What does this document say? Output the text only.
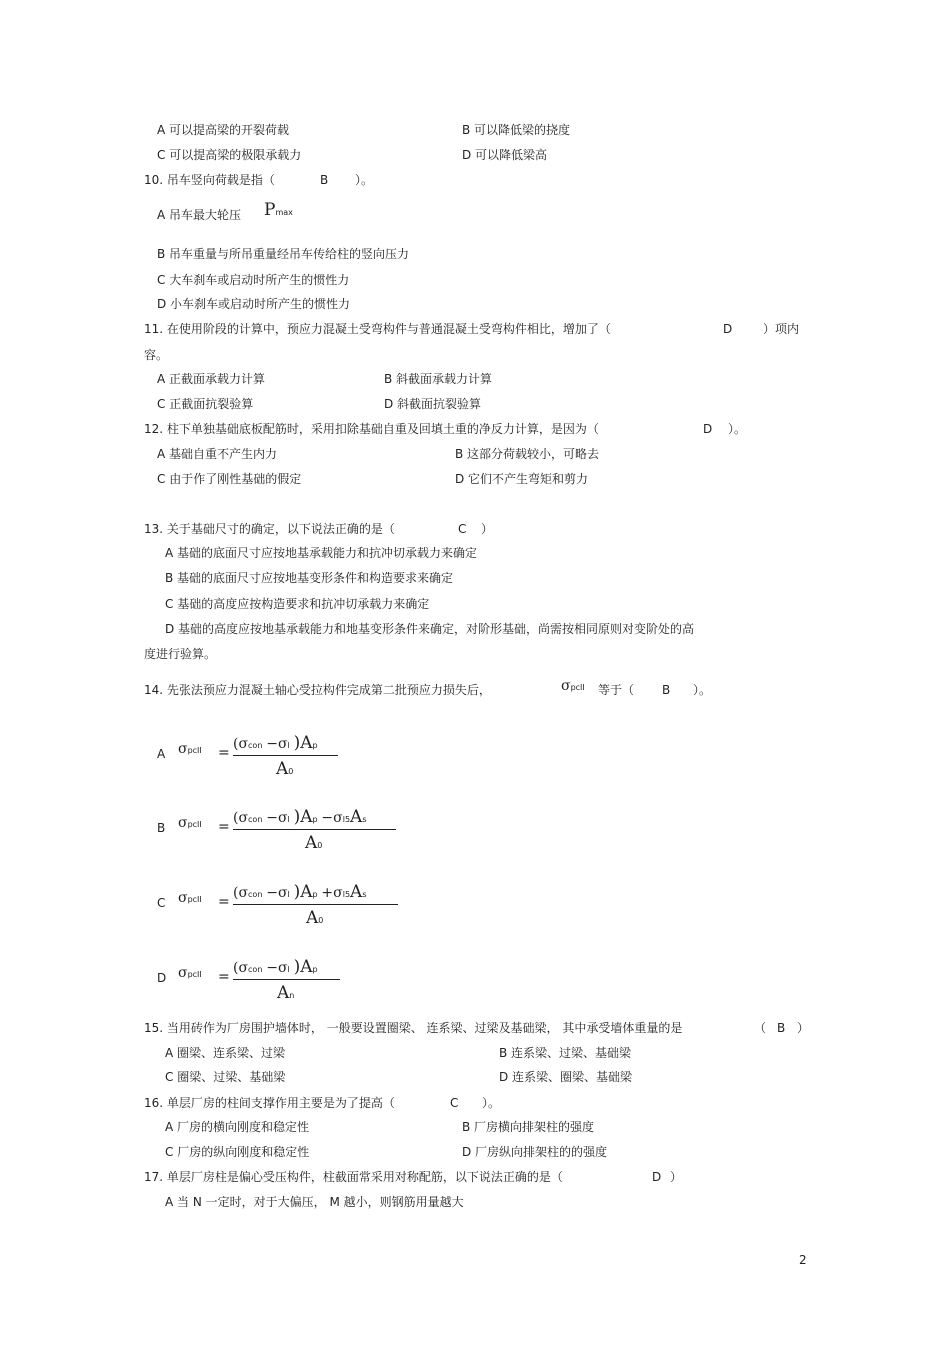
A 可以提高梁的开裂荷载	B 可以降低梁的挠度
C 可以提高梁的极限承载力	D 可以降低梁高
10. 吊车竖向荷载是指（	B ）。
A 吊车最大轮压 Pmax
B 吊车重量与所吊重量经吊车传给柱的竖向压力
C 大车刹车或启动时所产生的惯性力
D 小车刹车或启动时所产生的惯性力
11. 在使用阶段的计算中，预应力混凝土受弯构件与普通混凝土受弯构件相比，增加了（	D	）项内
容。
A 正截面承载力计算	B 斜截面承载力计算
C 正截面抗裂验算	D 斜截面抗裂验算
12. 柱下单独基础底板配筋时，采用扣除基础自重及回填土重的净反力计算，是因为（	D ）。
A 基础自重不产生内力	B 这部分荷载较小，可略去
C 由于作了刚性基础的假定	D 它们不产生弯矩和剪力
13. 关于基础尺寸的确定，以下说法正确的是（	C ）
A 基础的底面尺寸应按地基承载能力和抗冲切承载力来确定
B 基础的底面尺寸应按地基变形条件和构造要求来确定
C 基础的高度应按构造要求和抗冲切承载力来确定
D 基础的高度应按地基承载能力和地基变形条件来确定，对阶形基础，尚需按相同原则对变阶处的高
度进行验算。
14. 先张法预应力混凝土轴心受拉构件完成第二批预应力损失后，	σpcII 等于（ B ）。
A σpcII =
(σcon −σl )Ap
A0
B σpcII =
(σcon −σl )Ap −σl5As
A0
C σpcII =
(σcon −σl )Ap +σl5As
A0
D σpcII =
(σcon −σl )Ap
An
15. 当用砖作为厂房围护墙体时， 一般要设置圈梁、 连系梁、过梁及基础梁， 其中承受墙体重量的是	（ B ）
A 圈梁、连系梁、过梁	B 连系梁、过梁、基础梁
C 圈梁、过梁、基础梁	D 连系梁、圈梁、基础梁
16. 单层厂房的柱间支撑作用主要是为了提高（	C ）。
A 厂房的横向刚度和稳定性	B 厂房横向排架柱的强度
C 厂房的纵向刚度和稳定性	D 厂房纵向排架柱的的强度
17. 单层厂房柱是偏心受压构件，柱截面常采用对称配筋，以下说法正确的是（	D ）
A 当 N 一定时，对于大偏压， M 越小，则钢筋用量越大
2
